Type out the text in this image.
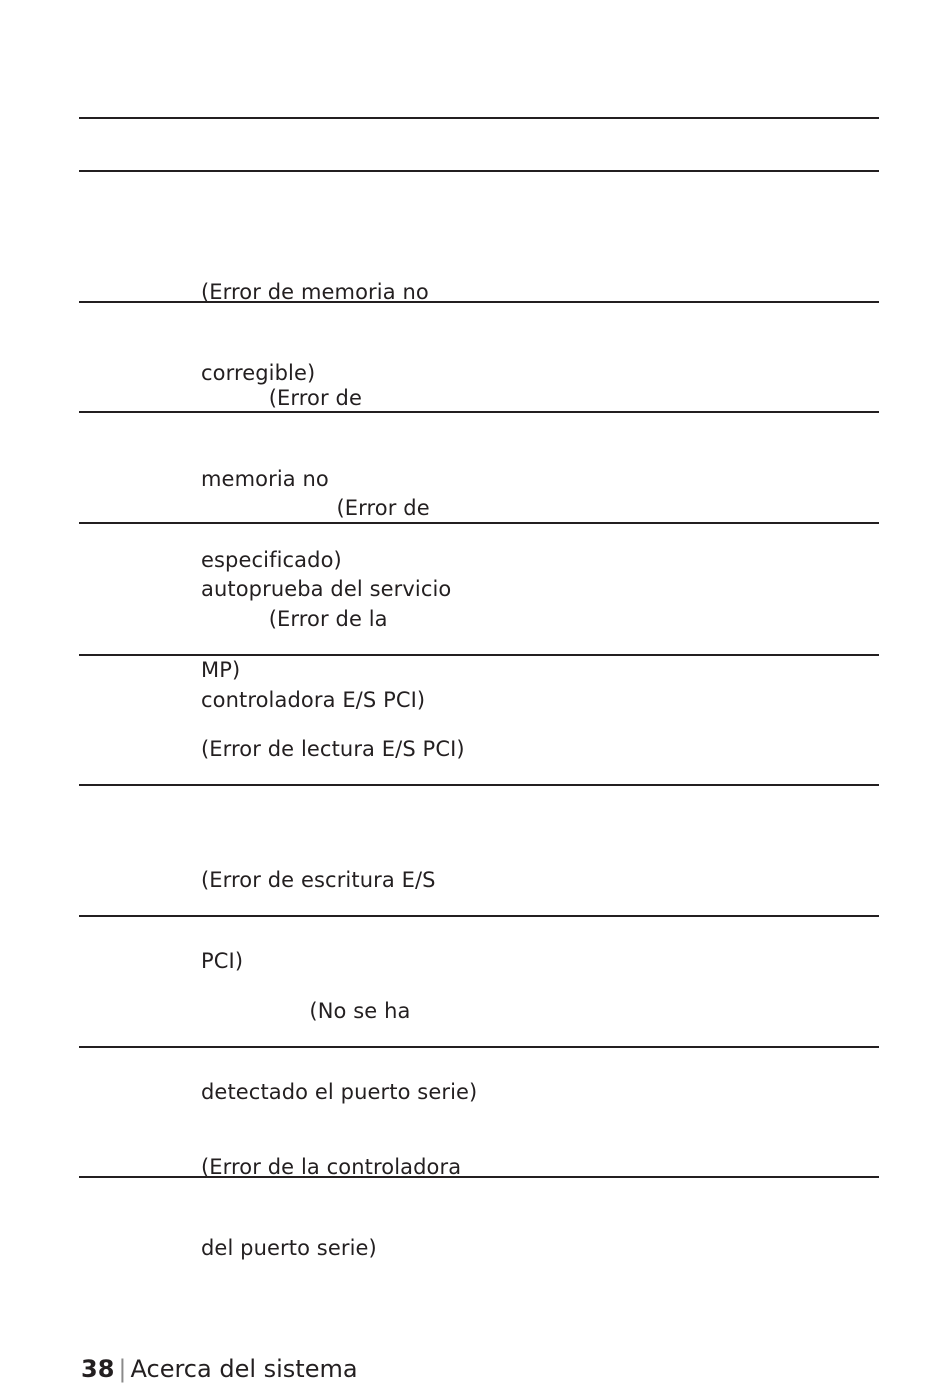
(Error de memoria no

corregible)

(Error de

memoria no

especificado)

(Error de

autoprueba del servicio

MP)

(Error de la

controladora E/S PCI)

(Error de lectura E/S PCI)

(Error de escritura E/S

PCI)

(No se ha

detectado el puerto serie)

(Error de la controladora

del puerto serie)

38 | Acerca del sistema
